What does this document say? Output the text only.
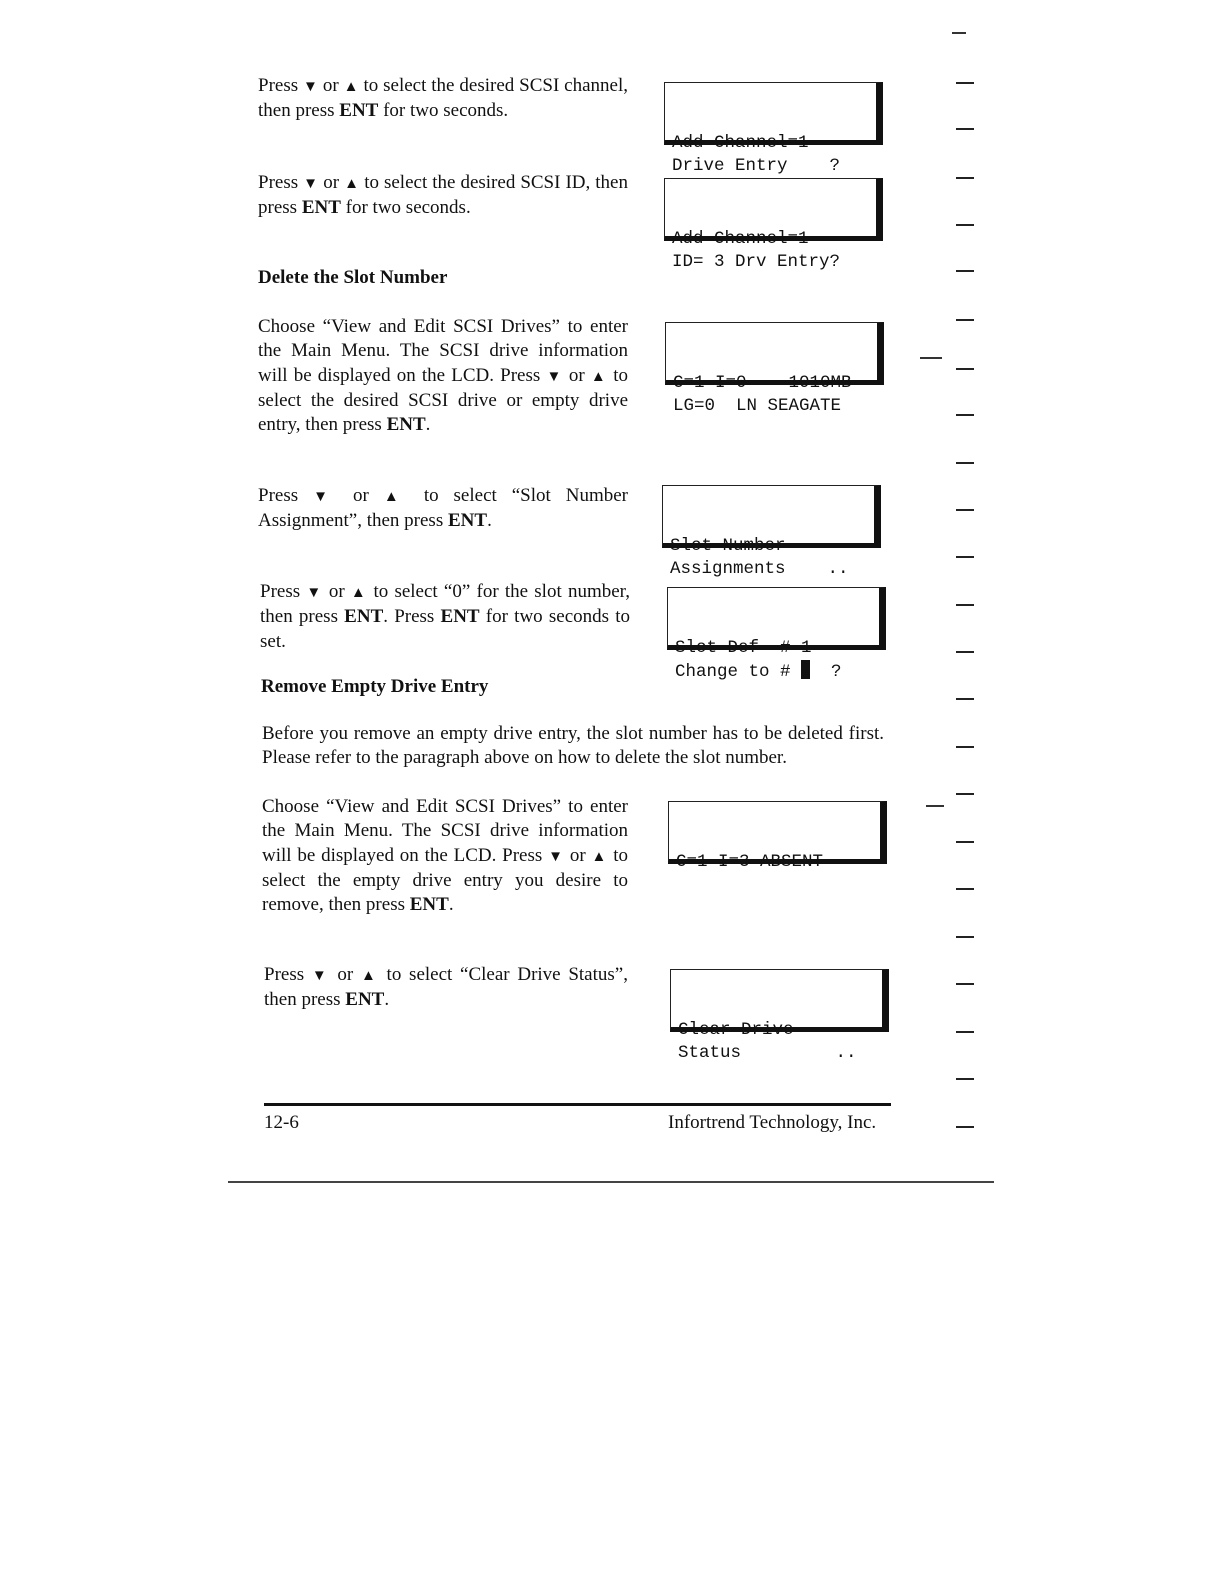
Press ▼ or ▲ to select the desired SCSI channel, then press ENT for two seconds.

Add Channel=1
Drive Entry    ?

Press ▼ or ▲ to select the desired SCSI ID, then press ENT for two seconds.

Add Channel=1
ID= 3 Drv Entry?

Delete the Slot Number

Choose “View and Edit SCSI Drives” to enter the Main Menu. The SCSI drive information will be displayed on the LCD. Press ▼ or ▲ to select the desired SCSI drive or empty drive entry, then press ENT.

C=1 I=0    1010MB
LG=0  LN SEAGATE

Press ▼ or ▲ to select “Slot Number Assignment”, then press ENT.

Slot Number
Assignments    ..

Press ▼ or ▲ to select “0” for the slot number, then press ENT. Press ENT for two seconds to set.

	Slot Def  # 1
Change to #   ?

Remove Empty Drive Entry

Before you remove an empty drive entry, the slot number has to be deleted first. Please refer to the paragraph above on how to delete the slot number.

Choose “View and Edit SCSI Drives” to enter the Main Menu. The SCSI drive information will be displayed on the LCD. Press ▼ or ▲ to select the empty drive entry you desire to remove, then press ENT.

C=1 I=3 ABSENT

Press ▼ or ▲ to select “Clear Drive Status”, then press ENT.

Clear Drive
Status         ..

12-6	Infortrend Technology, Inc.
